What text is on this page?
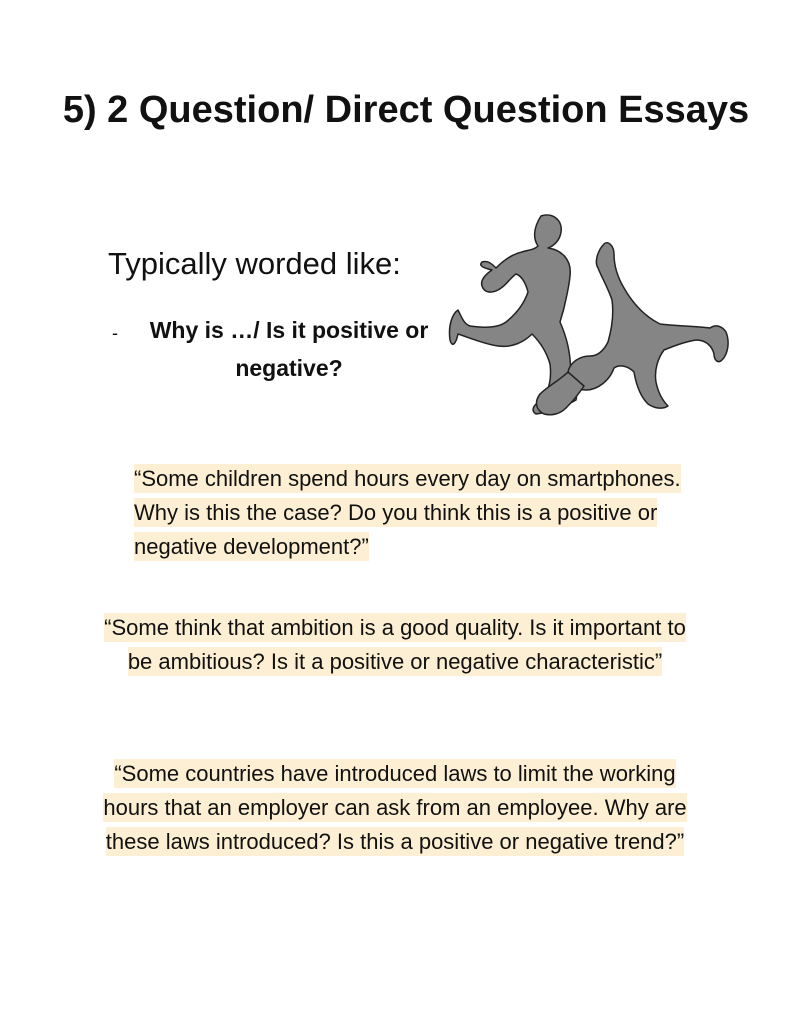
5) 2 Question/ Direct Question Essays

Typically worded like:

-	Why is …/ Is it positive or negative?

“Some children spend hours every day on smartphones. Why is this the case? Do you think this is a positive or negative development?”

“Some think that ambition is a good quality. Is it important to be ambitious? Is it a positive or negative characteristic”

“Some countries have introduced laws to limit the working hours that an employer can ask from an employee. Why are these laws introduced? Is this a positive or negative trend?”
